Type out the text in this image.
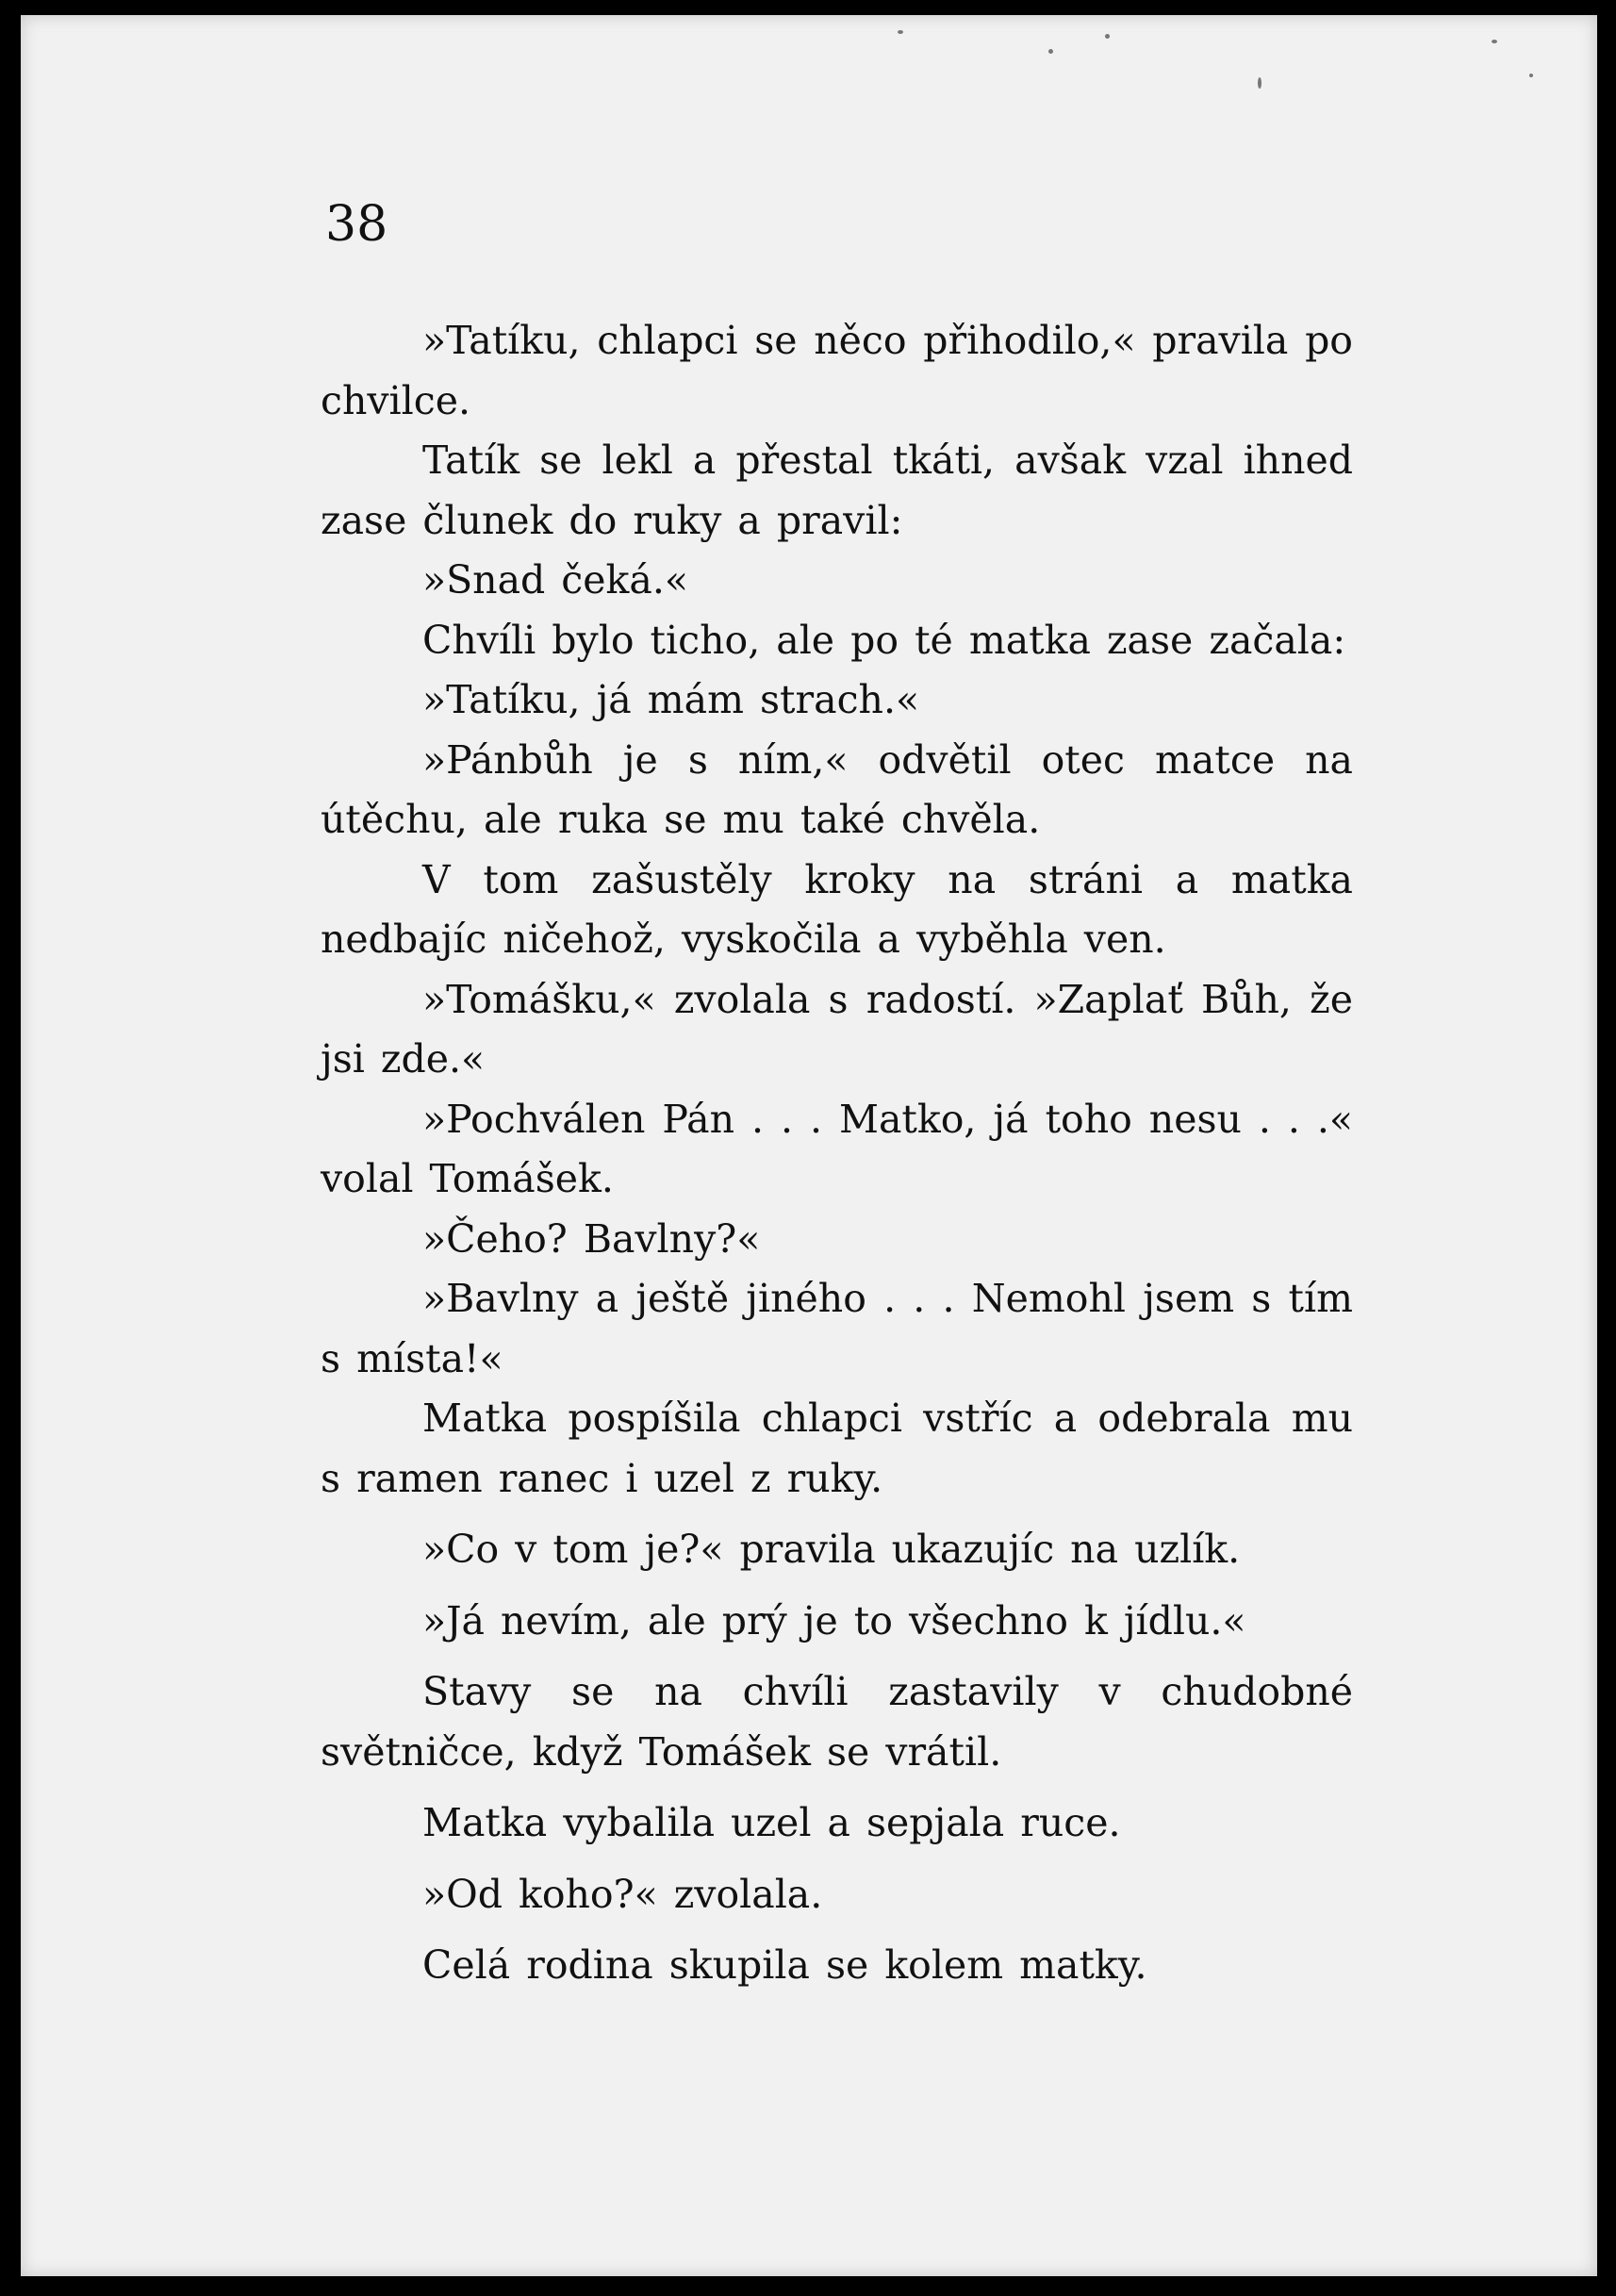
38

»Tatíku, chlapci se něco přihodilo,« pravila po chvilce.

Tatík se lekl a přestal tkáti, avšak vzal ihned zase člunek do ruky a pravil:

»Snad čeká.«

Chvíli bylo ticho, ale po té matka zase začala:

»Tatíku, já mám strach.«

»Pánbůh je s ním,« odvětil otec matce na útěchu, ale ruka se mu také chvěla.

V tom zašustěly kroky na stráni a matka nedbajíc ničehož, vyskočila a vyběhla ven.

»Tomášku,« zvolala s radostí. »Zaplať Bůh, že jsi zde.«

»Pochválen Pán . . . Matko, já toho nesu . . .« volal Tomášek.

»Čeho? Bavlny?«

»Bavlny a ještě jiného . . . Nemohl jsem s tím s místa!«

Matka pospíšila chlapci vstříc a odebrala mu s ramen ranec i uzel z ruky.

»Co v tom je?« pravila ukazujíc na uzlík.

»Já nevím, ale prý je to všechno k jídlu.«

Stavy se na chvíli zastavily v chudobné světničce, když Tomášek se vrátil.

Matka vybalila uzel a sepjala ruce.

»Od koho?« zvolala.

Celá rodina skupila se kolem matky.
